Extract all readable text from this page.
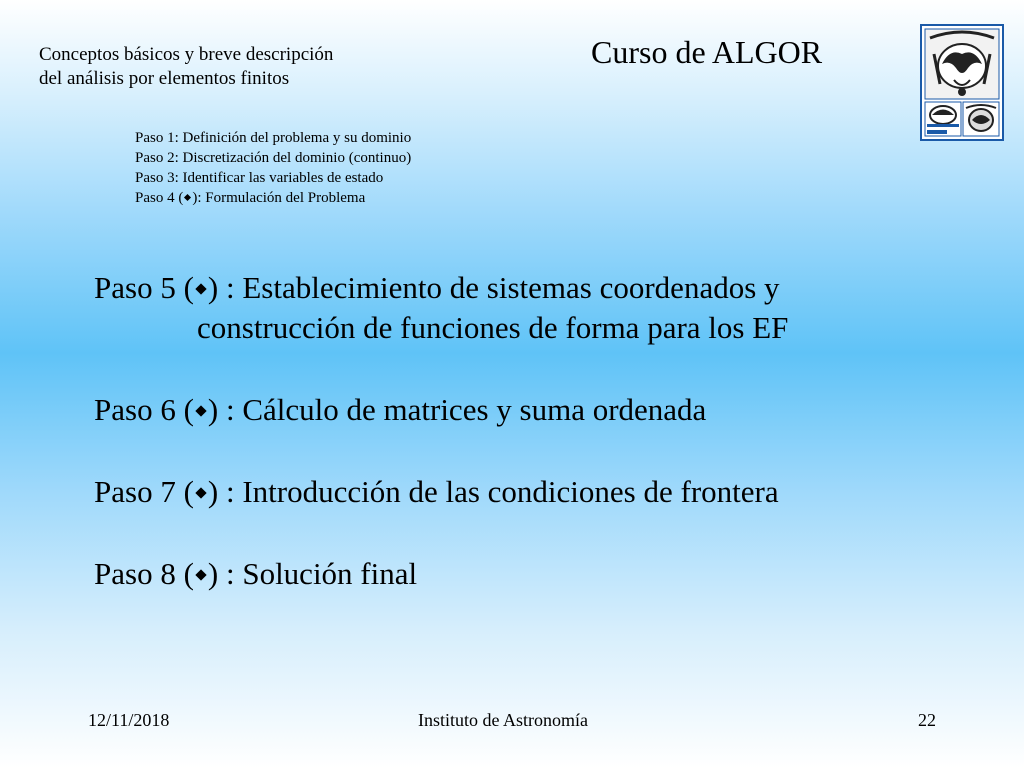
Conceptos básicos y breve descripción
del análisis por elementos finitos
Curso de ALGOR
Paso 1: Definición del problema y su dominio
Paso 2: Discretización del dominio (continuo)
Paso 3: Identificar las variables de estado
Paso 4 ( ): Formulación del Problema
Paso 5 ( ) : Establecimiento de sistemas coordenados y
construcción de funciones de forma para los EF
Paso 6 ( ) : Cálculo de matrices y suma ordenada
Paso 7 ( ) : Introducción de las condiciones de frontera
Paso 8 ( ) : Solución final
12/11/2018	Instituto de Astronomía	22
